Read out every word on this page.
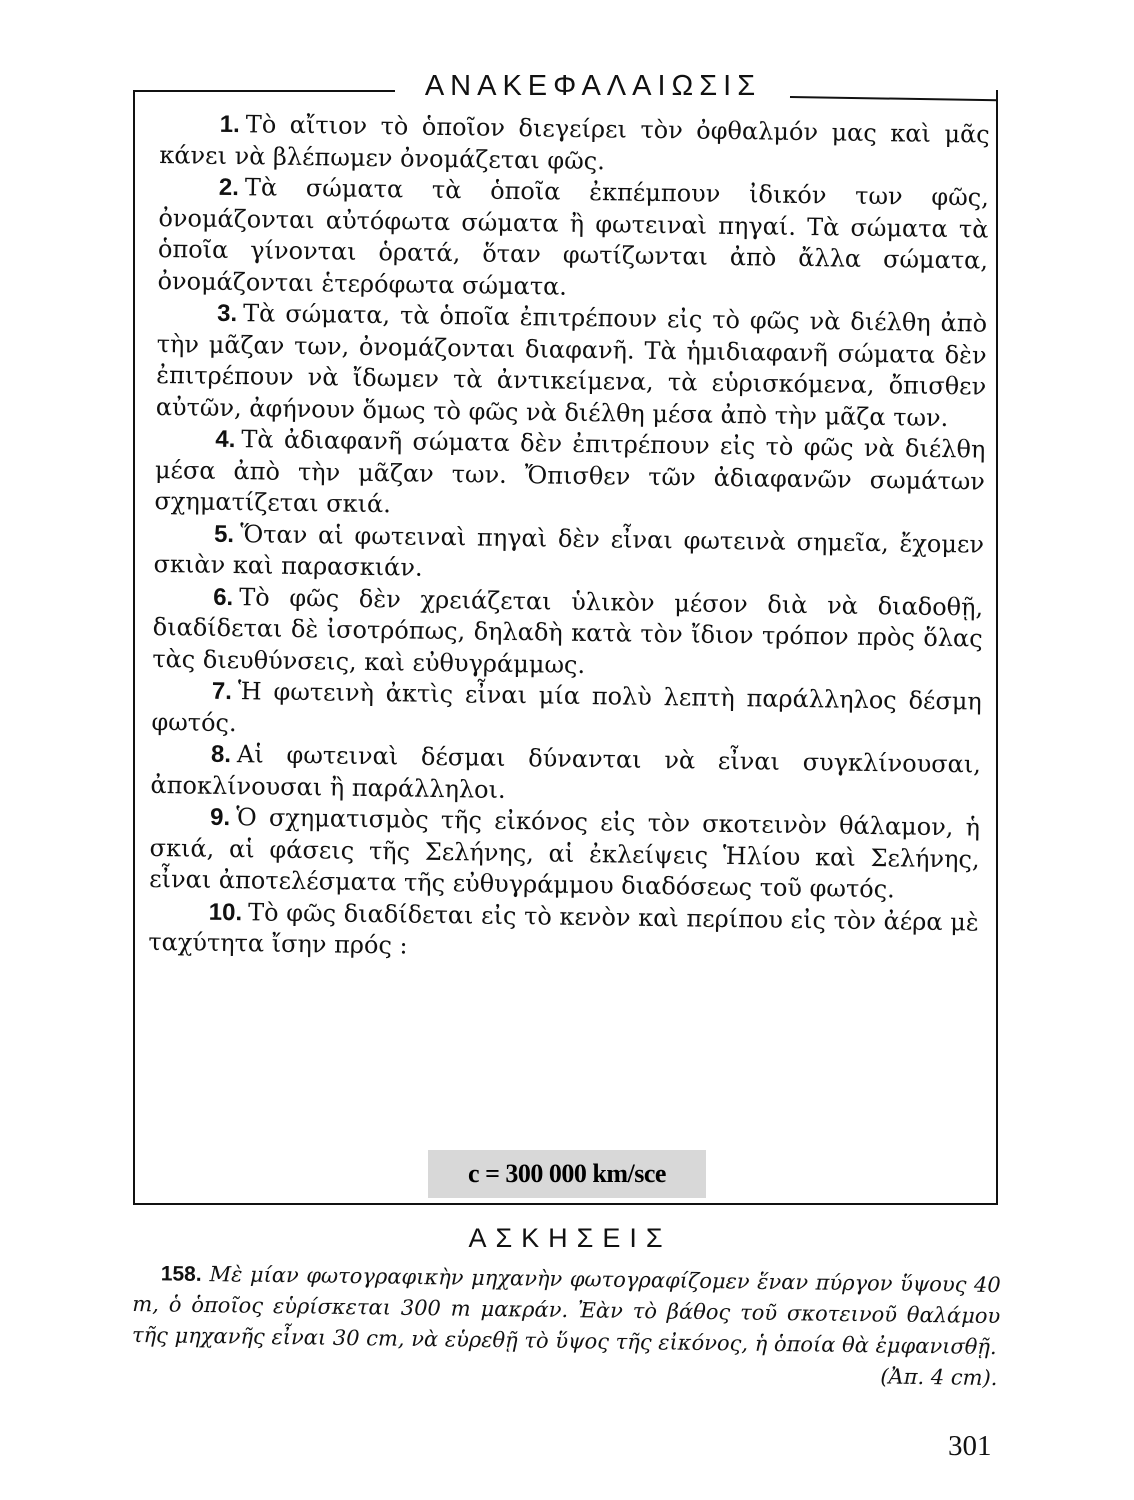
ΑΝΑΚΕΦΑΛΑΙΩΣΙΣ

1. Τὸ αἴτιον τὸ ὁποῖον διεγείρει τὸν ὀφθαλμόν μας καὶ μᾶς κάνει νὰ βλέπωμεν ὀνομάζεται φῶς.

2. Τὰ σώματα τὰ ὁποῖα ἐκπέμπουν ἰδικόν των φῶς, ὀνομάζονται αὐτόφωτα σώματα ἢ φωτειναὶ πηγαί. Τὰ σώματα τὰ ὁποῖα γίνονται ὁρατά, ὅταν φωτίζωνται ἀπὸ ἄλλα σώματα, ὀνομάζονται ἑτερόφωτα σώματα.

3. Τὰ σώματα, τὰ ὁποῖα ἐπιτρέπουν εἰς τὸ φῶς νὰ διέλθη ἀπὸ τὴν μᾶζαν των, ὀνομάζονται διαφανῆ. Τὰ ἡμιδιαφανῆ σώματα δὲν ἐπιτρέπουν νὰ ἴδωμεν τὰ ἀντικείμενα, τὰ εὑρισκόμενα, ὄπισθεν αὐτῶν, ἀφήνουν ὅμως τὸ φῶς νὰ διέλθη μέσα ἀπὸ τὴν μᾶζα των.

4. Τὰ ἀδιαφανῆ σώματα δὲν ἐπιτρέπουν εἰς τὸ φῶς νὰ διέλθη μέσα ἀπὸ τὴν μᾶζαν των. Ὄπισθεν τῶν ἀδιαφανῶν σωμάτων σχηματίζεται σκιά.

5. Ὅταν αἱ φωτειναὶ πηγαὶ δὲν εἶναι φωτεινὰ σημεῖα, ἔχομεν σκιὰν καὶ παρασκιάν.

6. Τὸ φῶς δὲν χρειάζεται ὑλικὸν μέσον διὰ νὰ διαδοθῇ, διαδίδεται δὲ ἰσοτρόπως, δηλαδὴ κατὰ τὸν ἴδιον τρόπον πρὸς ὅλας τὰς διευθύνσεις, καὶ εὐθυγράμμως.

7. Ἡ φωτεινὴ ἀκτὶς εἶναι μία πολὺ λεπτὴ παράλληλος δέσμη φωτός.

8. Αἱ φωτειναὶ δέσμαι δύνανται νὰ εἶναι συγκλίνουσαι, ἀποκλίνουσαι ἢ παράλληλοι.

9. Ὁ σχηματισμὸς τῆς εἰκόνος εἰς τὸν σκοτεινὸν θάλαμον, ἡ σκιά, αἱ φάσεις τῆς Σελήνης, αἱ ἐκλείψεις Ἡλίου καὶ Σελήνης, εἶναι ἀποτελέσματα τῆς εὐθυγράμμου διαδόσεως τοῦ φωτός.

10. Τὸ φῶς διαδίδεται εἰς τὸ κενὸν καὶ περίπου εἰς τὸν ἀέρα μὲ ταχύτητα ἴσην πρός :

c = 300 000 km/sce
ΑΣΚΗΣΕΙΣ
158. Μὲ μίαν φωτογραφικὴν μηχανὴν φωτογραφίζομεν ἕναν πύργον ὕψους 40 m, ὁ ὁποῖος εὑρίσκεται 300 m μακράν. Ἐὰν τὸ βάθος τοῦ σκοτεινοῦ θαλάμου τῆς μηχανῆς εἶναι 30 cm, νὰ εὑρεθῇ τὸ ὕψος τῆς εἰκόνος, ἡ ὁποία θὰ ἐμφανισθῇ.
(Ἀπ. 4 cm).
301
